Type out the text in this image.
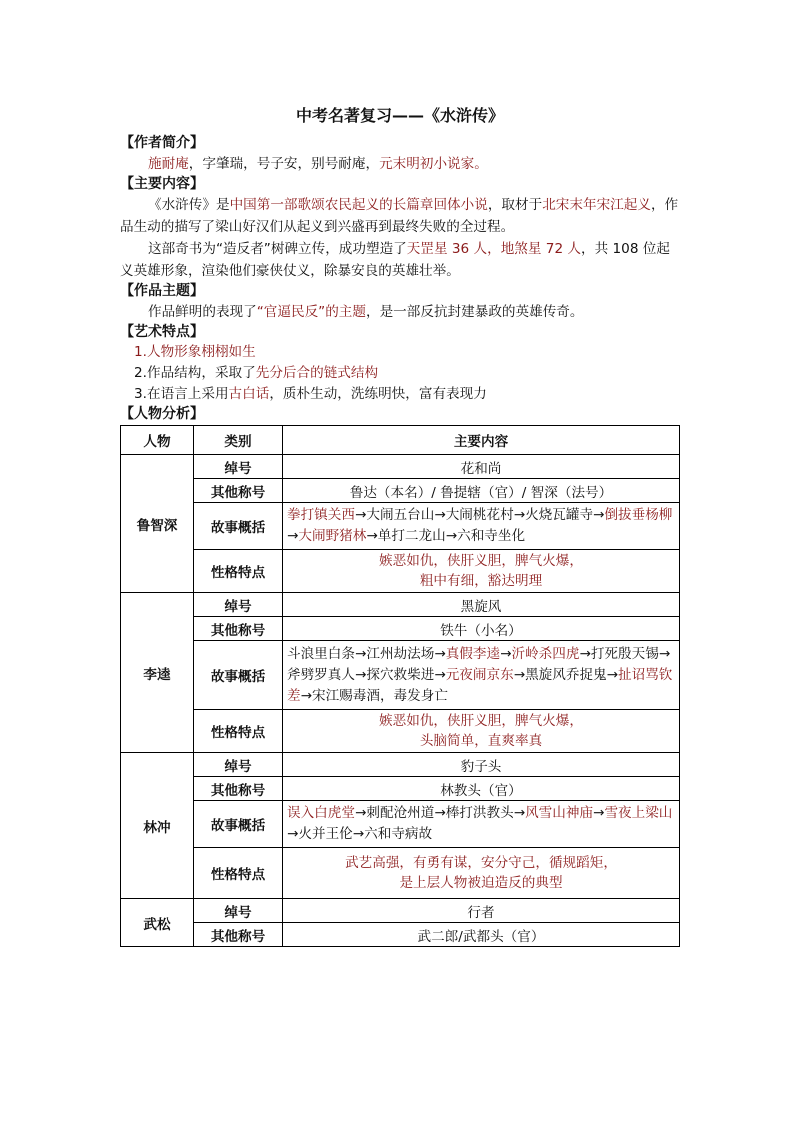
中考名著复习——《水浒传》
【作者简介】

施耐庵，字肇瑞，号子安，别号耐庵，元末明初小说家。

【主要内容】

《水浒传》是中国第一部歌颂农民起义的长篇章回体小说，取材于北宋末年宋江起义，作品生动的描写了梁山好汉们从起义到兴盛再到最终失败的全过程。

这部奇书为“造反者”树碑立传，成功塑造了天罡星 36 人，地煞星 72 人，共 108 位起义英雄形象，渲染他们豪侠仗义，除暴安良的英雄壮举。

【作品主题】

作品鲜明的表现了“官逼民反”的主题，是一部反抗封建暴政的英雄传奇。

【艺术特点】
1.人物形象栩栩如生
2.作品结构，采取了先分后合的链式结构
3.在语言上采用古白话，质朴生动，洗练明快，富有表现力
【人物分析】
人物	类别	主要内容
鲁智深	绰号	花和尚
	其他称号	鲁达（本名）/ 鲁提辖（官）/ 智深（法号）
	故事概括	拳打镇关西→大闹五台山→大闹桃花村→火烧瓦罐寺→倒拔垂杨柳→大闹野猪林→单打二龙山→六和寺坐化
	性格特点	嫉恶如仇，侠肝义胆，脾气火爆，
粗中有细，豁达明理
李逵	绰号	黑旋风
	其他称号	铁牛（小名）
	故事概括	斗浪里白条→江州劫法场→真假李逵→沂岭杀四虎→打死殷天锡→斧劈罗真人→探穴救柴进→元夜闹京东→黑旋风乔捉鬼→扯诏骂钦差→宋江赐毒酒，毒发身亡
	性格特点	嫉恶如仇，侠肝义胆，脾气火爆，
头脑简单，直爽率真
林冲	绰号	豹子头
	其他称号	林教头（官）
	故事概括	误入白虎堂→刺配沧州道→棒打洪教头→风雪山神庙→雪夜上梁山→火并王伦→六和寺病故
	性格特点	武艺高强，有勇有谋，安分守己，循规蹈矩，
是上层人物被迫造反的典型
武松	绰号	行者
	其他称号	武二郎/武都头（官）
